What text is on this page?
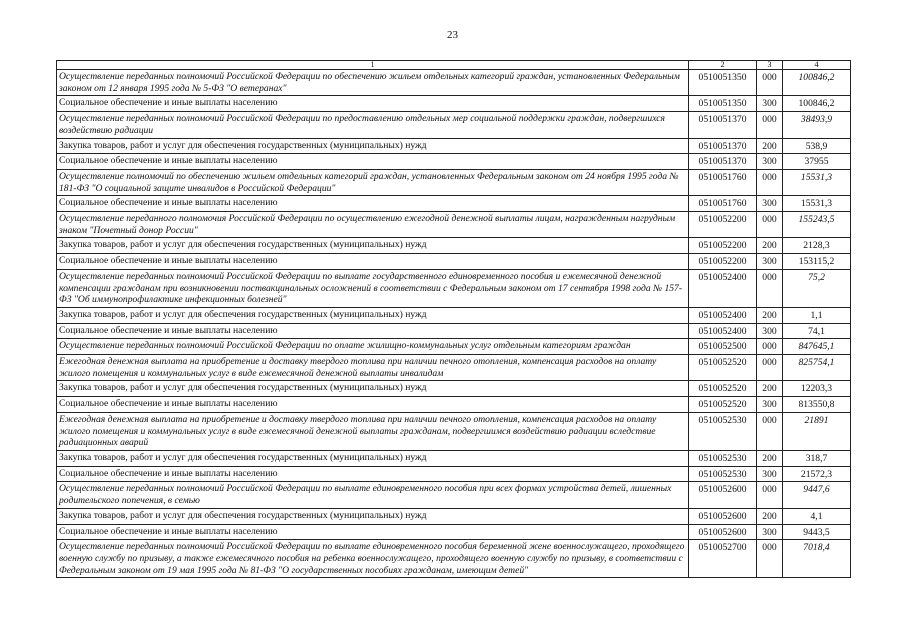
23
1	2	3	4
Осуществление переданных полномочий Российской Федерации по обеспечению жильем отдельных категорий граждан, установленных Федеральным законом от 12 января 1995 года № 5-ФЗ "О ветеранах"	0510051350	000	100846,2
Социальное обеспечение и иные выплаты населению	0510051350	300	100846,2
Осуществление переданных полномочий Российской Федерации по предоставлению отдельных мер социальной поддержки граждан, подвергшихся воздействию радиации	0510051370	000	38493,9
Закупка товаров, работ и услуг для обеспечения государственных (муниципальных) нужд	0510051370	200	538,9
Социальное обеспечение и иные выплаты населению	0510051370	300	37955
Осуществление полномочий по обеспечению жильем отдельных категорий граждан, установленных Федеральным законом от 24 ноября 1995 года № 181-ФЗ "О социальной защите инвалидов в Российской Федерации"	0510051760	000	15531,3
Социальное обеспечение и иные выплаты населению	0510051760	300	15531,3
Осуществление переданного полномочия Российской Федерации по осуществлению ежегодной денежной выплаты лицам, награжденным нагрудным знаком "Почетный донор России"	0510052200	000	155243,5
Закупка товаров, работ и услуг для обеспечения государственных (муниципальных) нужд	0510052200	200	2128,3
Социальное обеспечение и иные выплаты населению	0510052200	300	153115,2
Осуществление переданных полномочий Российской Федерации по выплате государственного единовременного пособия и ежемесячной денежной компенсации гражданам при возникновении поствакцинальных осложнений в соответствии с Федеральным законом от 17 сентября 1998 года № 157-ФЗ "Об иммунопрофилактике инфекционных болезней"	0510052400	000	75,2
Закупка товаров, работ и услуг для обеспечения государственных (муниципальных) нужд	0510052400	200	1,1
Социальное обеспечение и иные выплаты населению	0510052400	300	74,1
Осуществление переданных полномочий Российской Федерации по оплате жилищно-коммунальных услуг отдельным категориям граждан	0510052500	000	847645,1
Ежегодная денежная выплата на приобретение и доставку твердого топлива при наличии печного отопления, компенсация расходов на оплату жилого помещения и коммунальных услуг в виде ежемесячной денежной выплаты инвалидам	0510052520	000	825754,1
Закупка товаров, работ и услуг для обеспечения государственных (муниципальных) нужд	0510052520	200	12203,3
Социальное обеспечение и иные выплаты населению	0510052520	300	813550,8
Ежегодная денежная выплата на приобретение и доставку твердого топлива при наличии печного отопления, компенсация расходов на оплату жилого помещения и коммунальных услуг в виде ежемесячной денежной выплаты гражданам, подвергшимся воздействию радиации вследствие радиационных аварий	0510052530	000	21891
Закупка товаров, работ и услуг для обеспечения государственных (муниципальных) нужд	0510052530	200	318,7
Социальное обеспечение и иные выплаты населению	0510052530	300	21572,3
Осуществление переданных полномочий Российской Федерации по выплате единовременного пособия при всех формах устройства детей, лишенных родительского попечения, в семью	0510052600	000	9447,6
Закупка товаров, работ и услуг для обеспечения государственных (муниципальных) нужд	0510052600	200	4,1
Социальное обеспечение и иные выплаты населению	0510052600	300	9443,5
Осуществление переданных полномочий Российской Федерации по выплате единовременного пособия беременной жене военнослужащего, проходящего военную службу по призыву, а также ежемесячного пособия на ребенка военнослужащего, проходящего военную службу по призыву, в соответствии с Федеральным законом от 19 мая 1995 года № 81-ФЗ "О государственных пособиях гражданам, имеющим детей"	0510052700	000	7018,4
